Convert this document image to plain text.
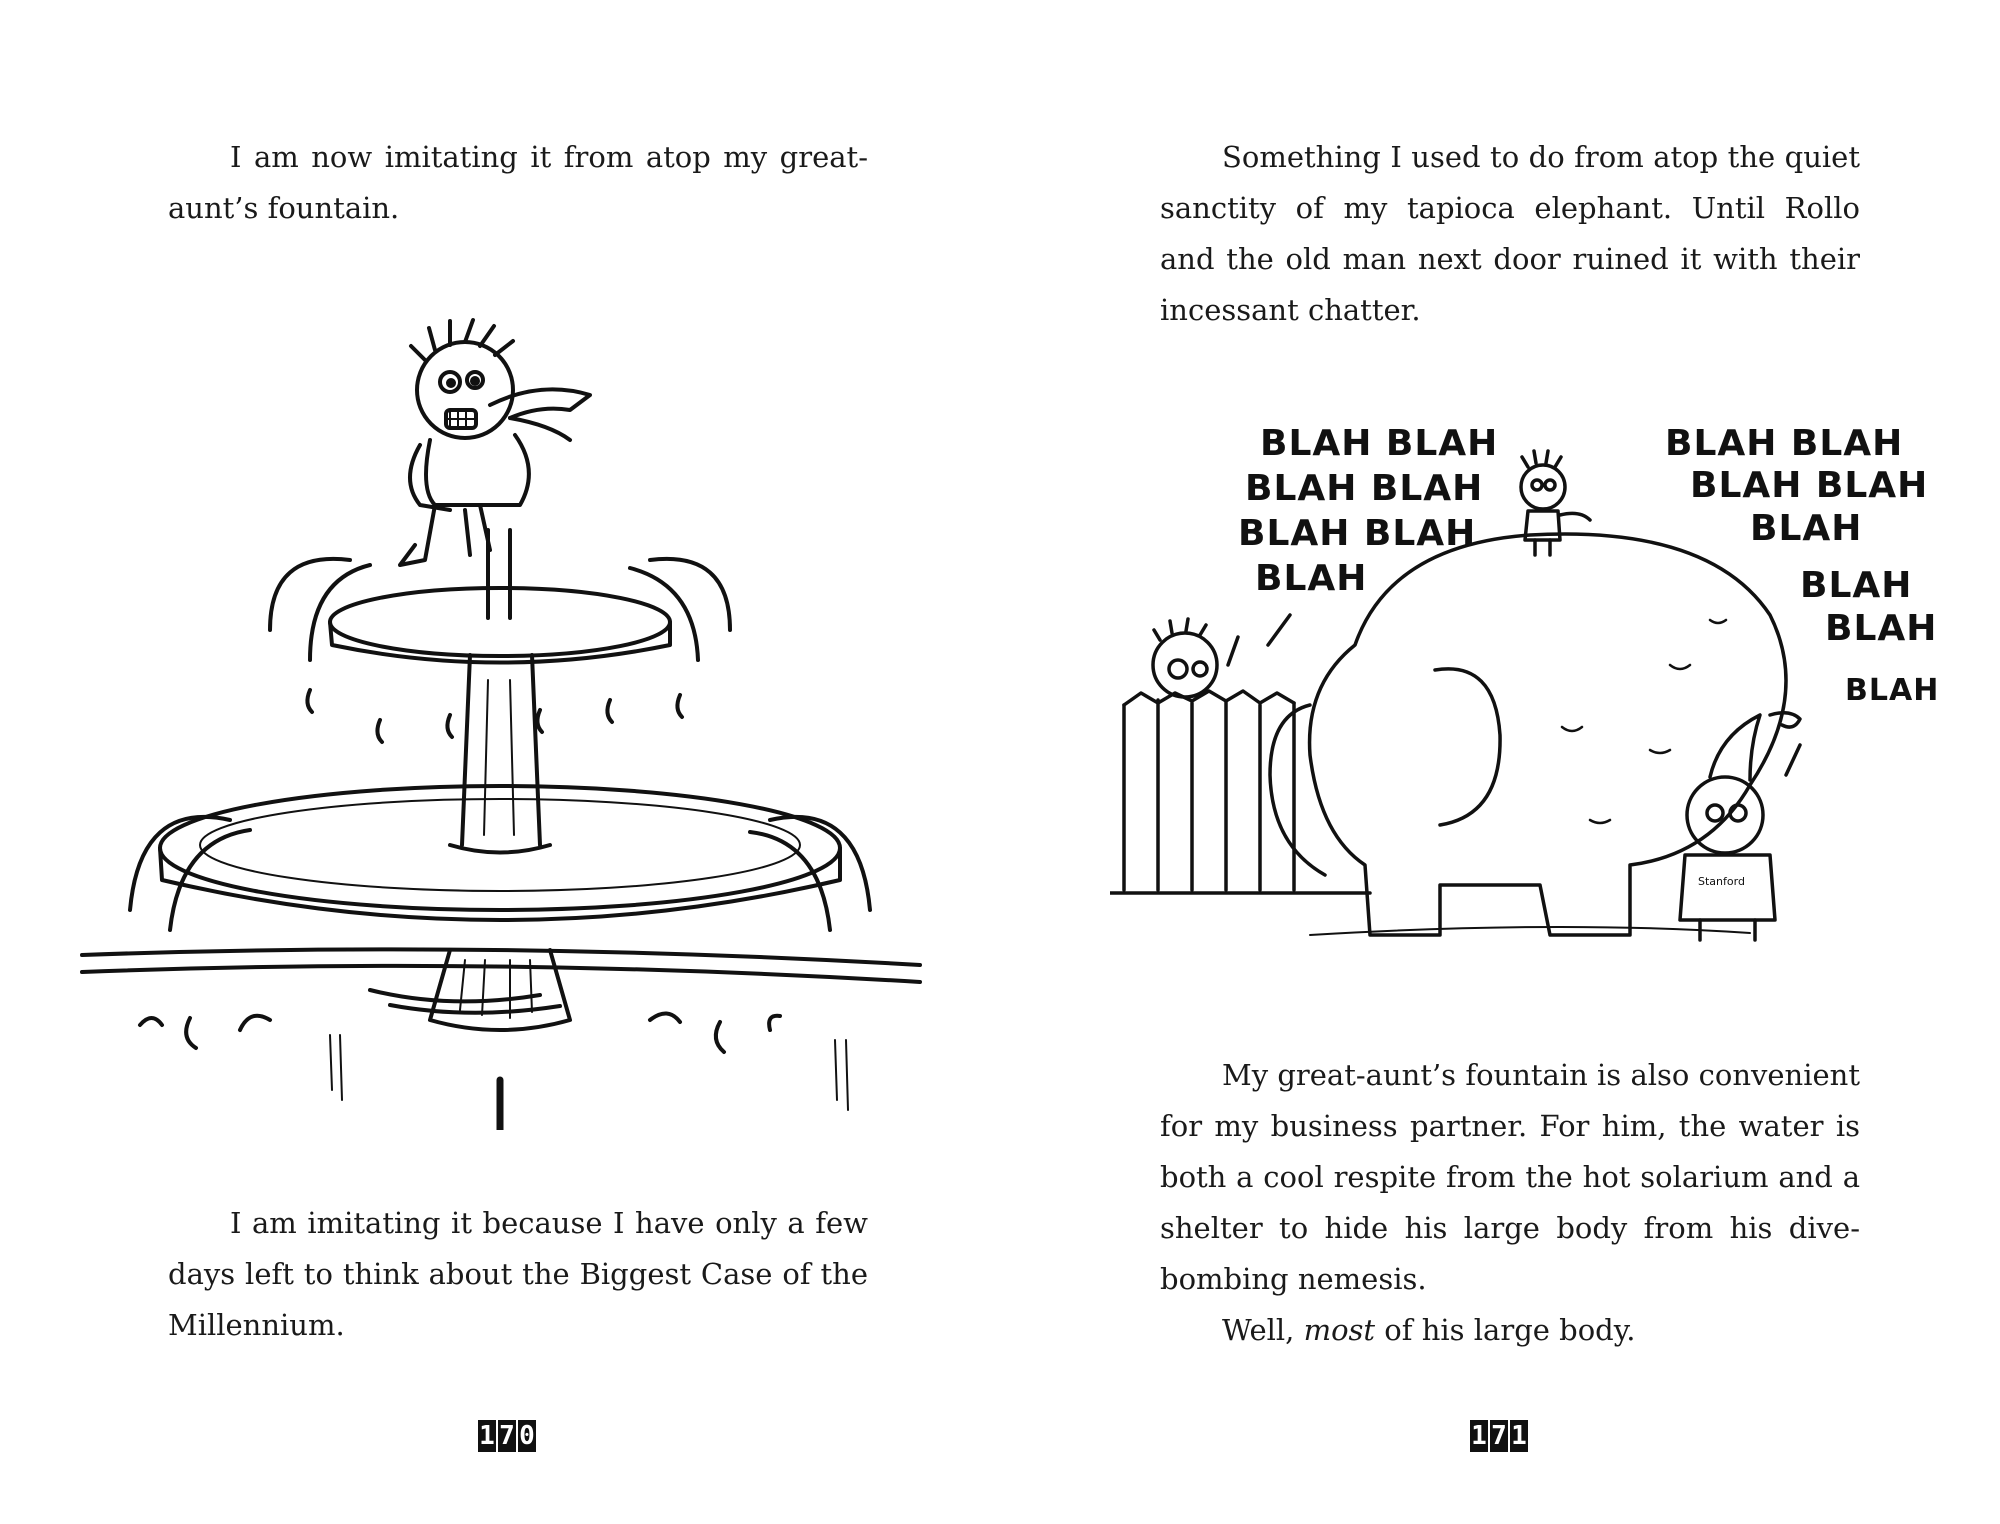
I am now imitating it from atop my great-aunt’s fountain.

I am imitating it because I have only a few days left to think about the Biggest Case of the Millennium.

1 7 0

Something I used to do from atop the quiet sanctity of my tapioca elephant. Until Rollo and the old man next door ruined it with their incessant chatter.

BLAH BLAH
BLAH BLAH
BLAH BLAH
BLAH
BLAH BLAH
BLAH BLAH
BLAH
BLAH
BLAH
BLAH
Stanford

My great-aunt’s fountain is also convenient for my business partner. For him, the water is both a cool respite from the hot solarium and a shelter to hide his large body from his dive-bombing nemesis.

Well, most of his large body.

1 7 1
